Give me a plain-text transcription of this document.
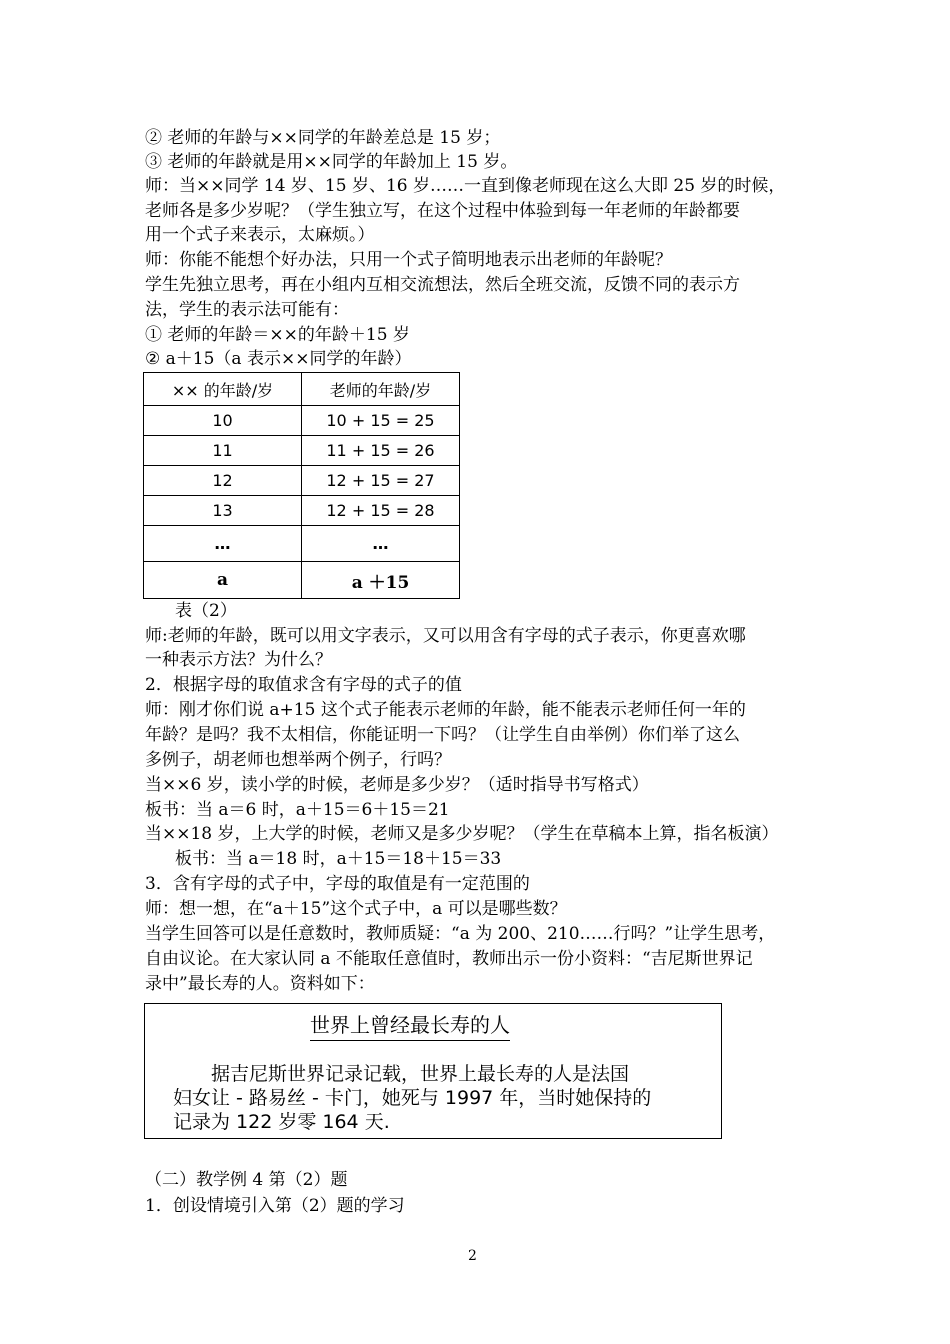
② 老师的年龄与××同学的年龄差总是 15 岁；
③ 老师的年龄就是用××同学的年龄加上 15 岁。
师：当××同学 14 岁、15 岁、16 岁……一直到像老师现在这么大即 25 岁的时候，
老师各是多少岁呢？（学生独立写，在这个过程中体验到每一年老师的年龄都要
用一个式子来表示，太麻烦。）
师：你能不能想个好办法，只用一个式子简明地表示出老师的年龄呢？
学生先独立思考，再在小组内互相交流想法，然后全班交流，反馈不同的表示方
法，学生的表示法可能有：
① 老师的年龄＝××的年龄＋15 岁
② a＋15（a 表示××同学的年龄）
×× 的年龄/岁	老师的年龄/岁
10	10 + 15 = 25
11	11 + 15 = 26
12	12 + 15 = 27
13	12 + 15 = 28
…	…
a	a ＋15
表（2）
师:老师的年龄，既可以用文字表示，又可以用含有字母的式子表示，你更喜欢哪
一种表示方法？为什么？
2．根据字母的取值求含有字母的式子的值
师：刚才你们说 a+15 这个式子能表示老师的年龄，能不能表示老师任何一年的
年龄？是吗？我不太相信，你能证明一下吗？（让学生自由举例）你们举了这么
多例子，胡老师也想举两个例子，行吗？
当××6 岁，读小学的时候，老师是多少岁？（适时指导书写格式）
板书：当 a＝6 时，a＋15＝6＋15＝21
当××18 岁，上大学的时候，老师又是多少岁呢？（学生在草稿本上算，指名板演）
板书：当 a＝18 时，a＋15＝18＋15＝33
3．含有字母的式子中，字母的取值是有一定范围的
师：想一想，在“a＋15”这个式子中，a 可以是哪些数？
当学生回答可以是任意数时，教师质疑：“a 为 200、210……行吗？”让学生思考，
自由议论。在大家认同 a 不能取任意值时，教师出示一份小资料：“吉尼斯世界记
录中”最长寿的人。资料如下：
世界上曾经最长寿的人
　　据吉尼斯世界记录记载，世界上最长寿的人是法国
妇女让 - 路易丝 - 卡门，她死与 1997 年，当时她保持的
记录为 122 岁零 164 天.
（二）教学例 4 第（2）题
1．创设情境引入第（2）题的学习
2
